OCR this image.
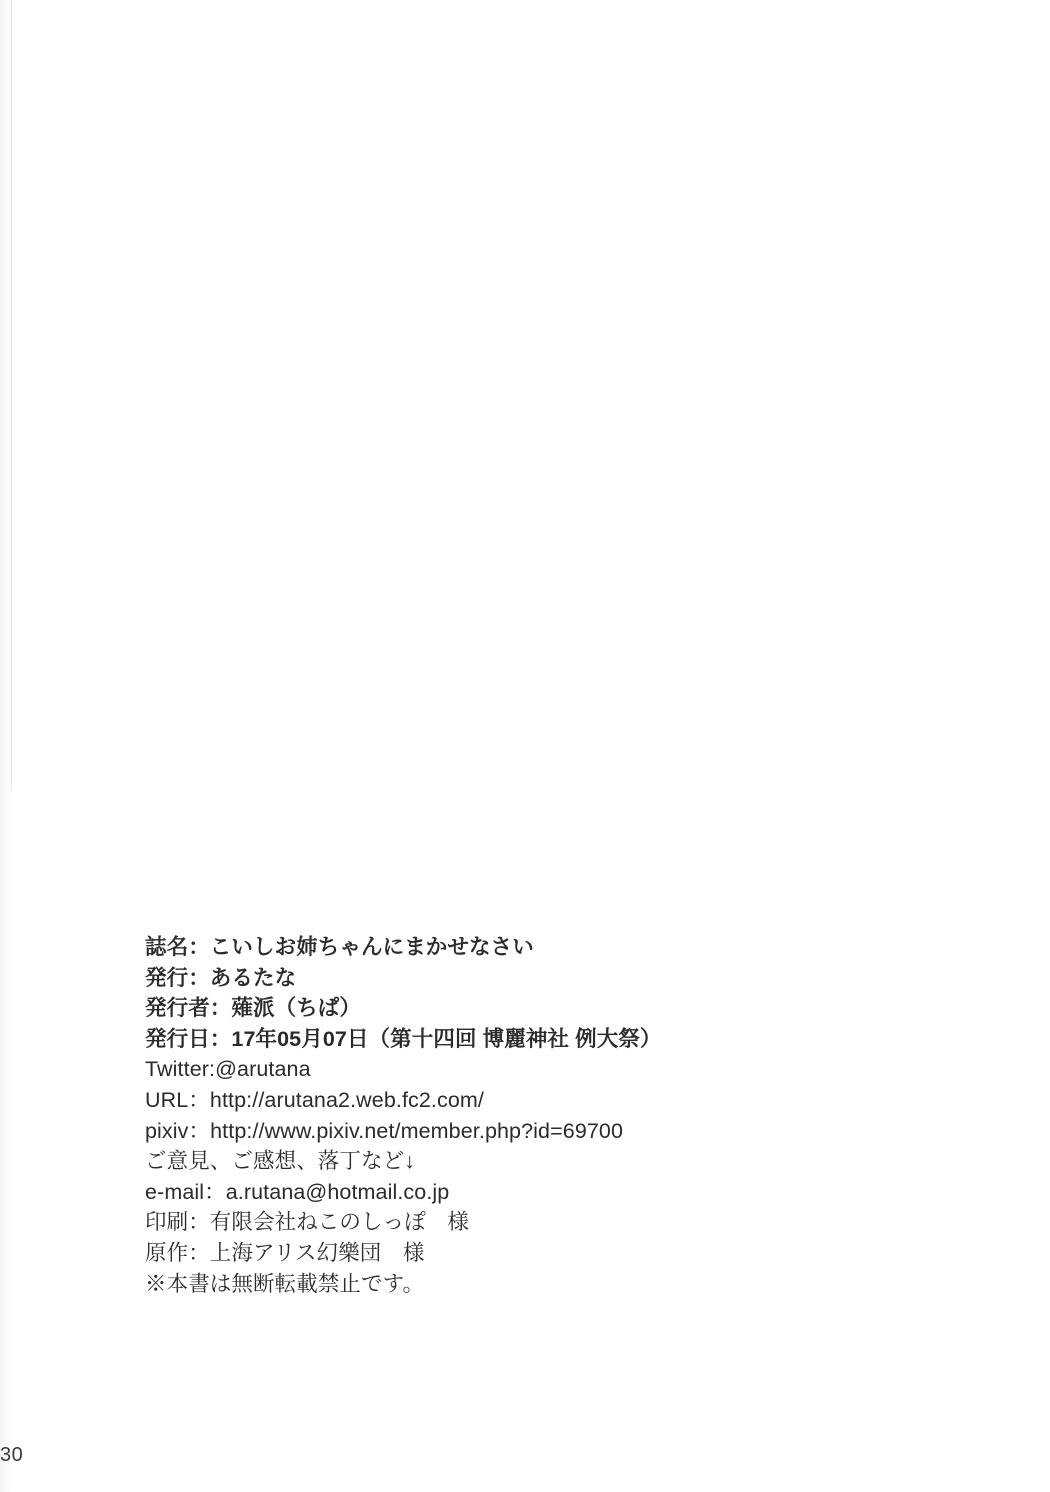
誌名：こいしお姉ちゃんにまかせなさい
発行：あるたな
発行者：薙派（ちぱ）
発行日：17年05月07日（第十四回 博麗神社 例大祭）
Twitter:@arutana
URL：http://arutana2.web.fc2.com/
pixiv：http://www.pixiv.net/member.php?id=69700
ご意見、ご感想、落丁など↓
e-mail：a.rutana@hotmail.co.jp
印刷：有限会社ねこのしっぽ　様
原作：上海アリス幻樂団　様
※本書は無断転載禁止です。
30
